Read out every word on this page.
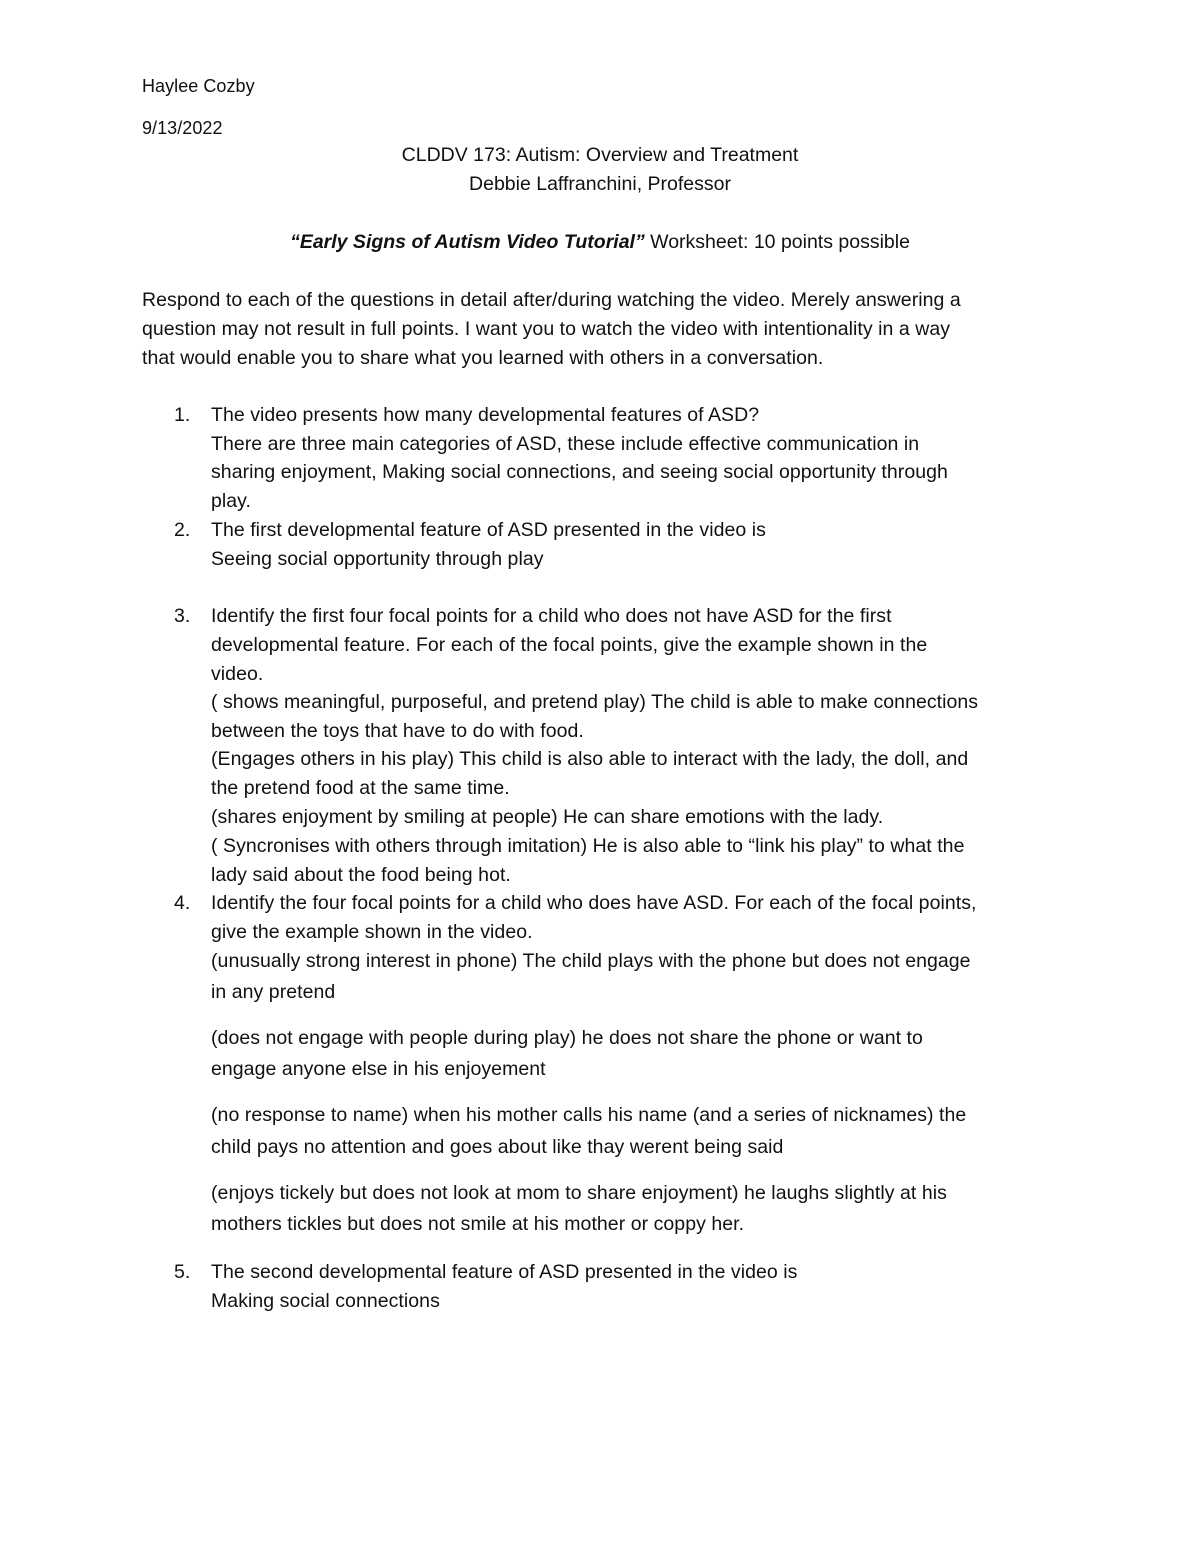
Haylee Cozby
9/13/2022
CLDDV 173: Autism: Overview and Treatment
Debbie Laffranchini, Professor
“Early Signs of Autism Video Tutorial” Worksheet: 10 points possible
Respond to each of the questions in detail after/during watching the video. Merely answering a
question may not result in full points. I want you to watch the video with intentionality in a way
that would enable you to share what you learned with others in a conversation.
1. The video presents how many developmental features of ASD?
There are three main categories of ASD, these include effective communication in
sharing enjoyment, Making social connections, and seeing social opportunity through
play.
2. The first developmental feature of ASD presented in the video is
Seeing social opportunity through play
3. Identify the first four focal points for a child who does not have ASD for the first
developmental feature. For each of the focal points, give the example shown in the
video.
( shows meaningful, purposeful, and pretend play) The child is able to make connections
between the toys that have to do with food.
(Engages others in his play) This child is also able to interact with the lady, the doll, and
the pretend food at the same time.
(shares enjoyment by smiling at people) He can share emotions with the lady.
( Syncronises with others through imitation) He is also able to “link his play” to what the
lady said about the food being hot.
4. Identify the four focal points for a child who does have ASD. For each of the focal points,
give the example shown in the video.
(unusually strong interest in phone) The child plays with the phone but does not engage
in any pretend
(does not engage with people during play) he does not share the phone or want to
engage anyone else in his enjoyement
(no response to name) when his mother calls his name (and a series of nicknames) the
child pays no attention and goes about like thay werent being said
(enjoys tickely but does not look at mom to share enjoyment) he laughs slightly at his
mothers tickles but does not smile at his mother or coppy her.
5. The second developmental feature of ASD presented in the video is
Making social connections
